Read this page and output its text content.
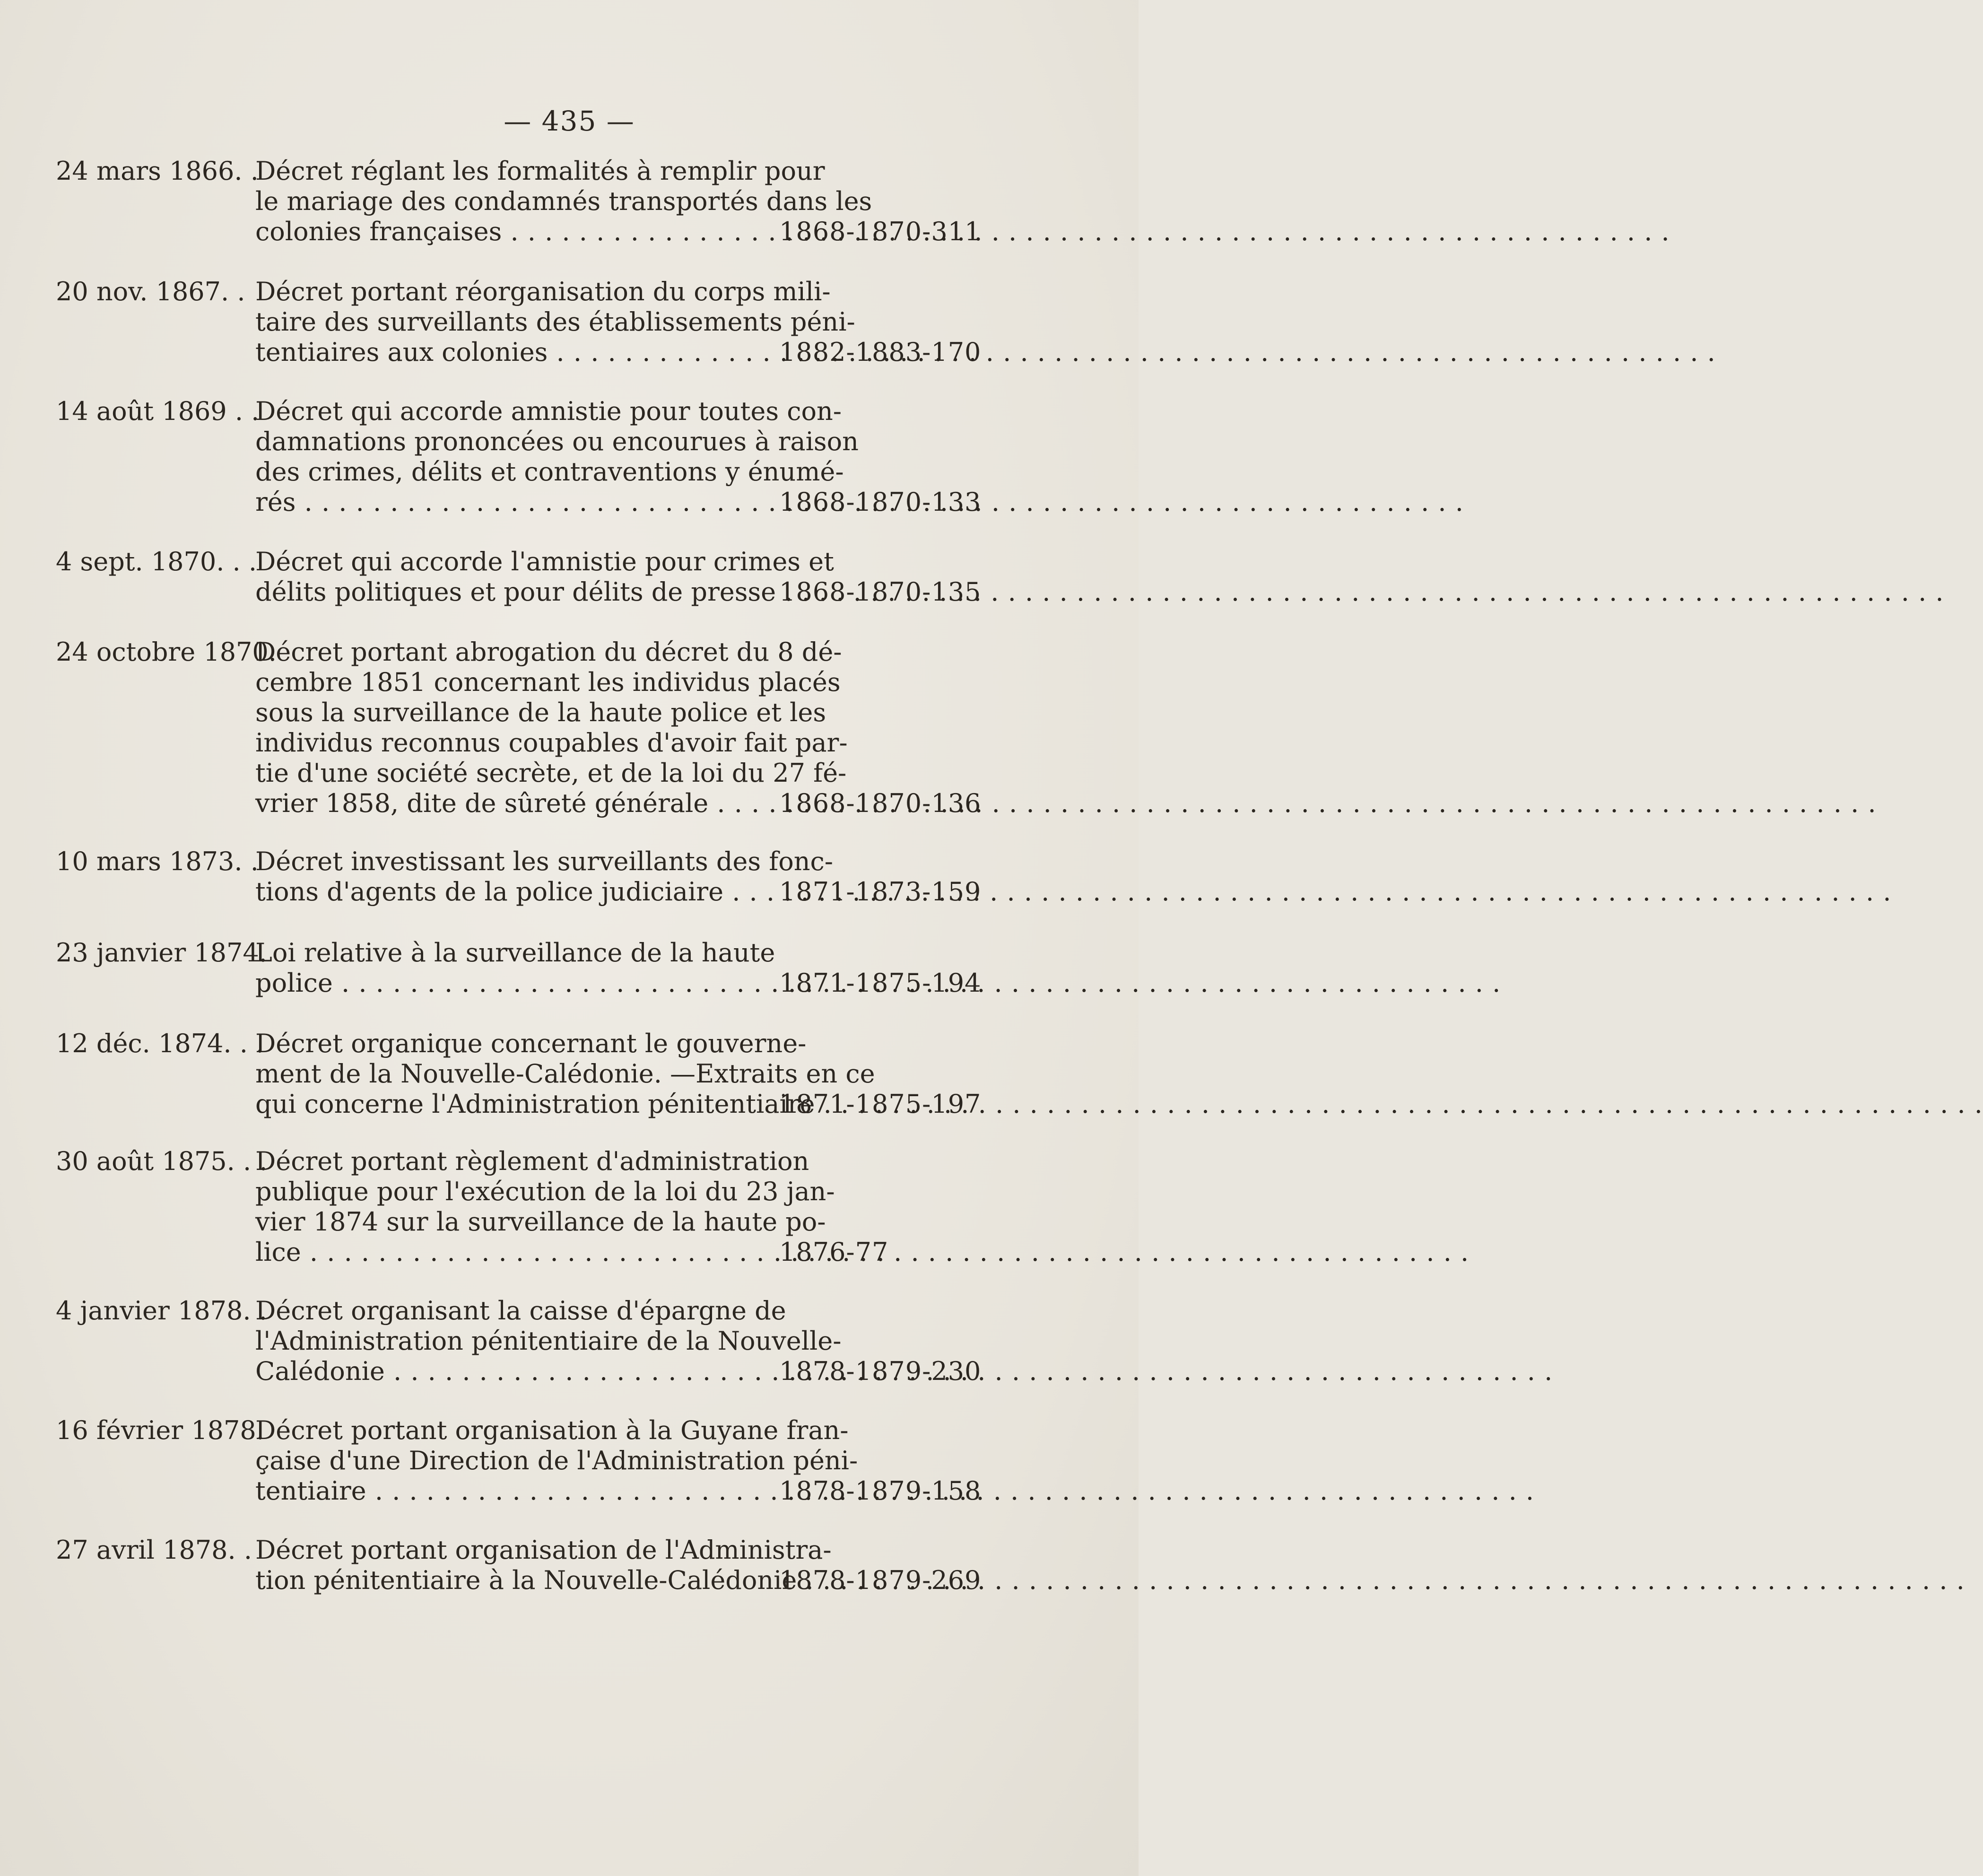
— 435 —
24 mars 1866. .
Décret réglant les formalités à remplir pour
le mariage des condamnés transportés dans les
colonies françaises . . .	1868-1870-311
20 nov. 1867. . Décret portant réorganisation du corps mili-
taire des surveillants des établissements péni-
tentiaires aux colonies . . .	1882-1883-170
14 août 1869 . .
Décret qui accorde amnistie pour toutes con-
damnations prononcées ou encourues à raison
des crimes, délits et contraventions y énumé-
rés . . .	1868-1870-133
4 sept. 1870. . .
Décret qui accorde l'amnistie pour crimes et
délits politiques et pour délits de presse . . . 1868-1870-135
24 octobre 1870.
Décret portant abrogation du décret du 8 dé-
cembre 1851 concernant les individus placés
sous la surveillance de la haute police et les
individus reconnus coupables d'avoir fait par-
tie d'une société secrète, et de la loi du 27 fé-
vrier 1858, dite de sûreté générale . . .	1868-1870-136
10 mars 1873. .
Décret investissant les surveillants des fonc-
tions d'agents de la police judiciaire . . .	1871-1873-159
23 janvier 1874.
Loi relative à la surveillance de la haute
police . . .	1871-1875-194
12 déc. 1874. . .
Décret organique concernant le gouverne-
ment de la Nouvelle-Calédonie. —Extraits en ce
qui concerne l'Administration pénitentiaire . . .
1871-1875-197
30 août 1875. . .
Décret portant règlement d'administration
publique pour l'exécution de la loi du 23 jan-
vier 1874 sur la surveillance de la haute po-
lice . . .	1876-77
4 janvier 1878. .
Décret organisant la caisse d'épargne de
l'Administration pénitentiaire de la Nouvelle-
Calédonie . . .	1878-1879-230
16 février 1878.
Décret portant organisation à la Guyane fran-
çaise d'une Direction de l'Administration péni-
tentiaire . . .	1878-1879-158
27 avril 1878. . Décret portant organisation de l'Administra-
tion pénitentiaire à la Nouvelle-Calédonie . . .
1878-1879-269
